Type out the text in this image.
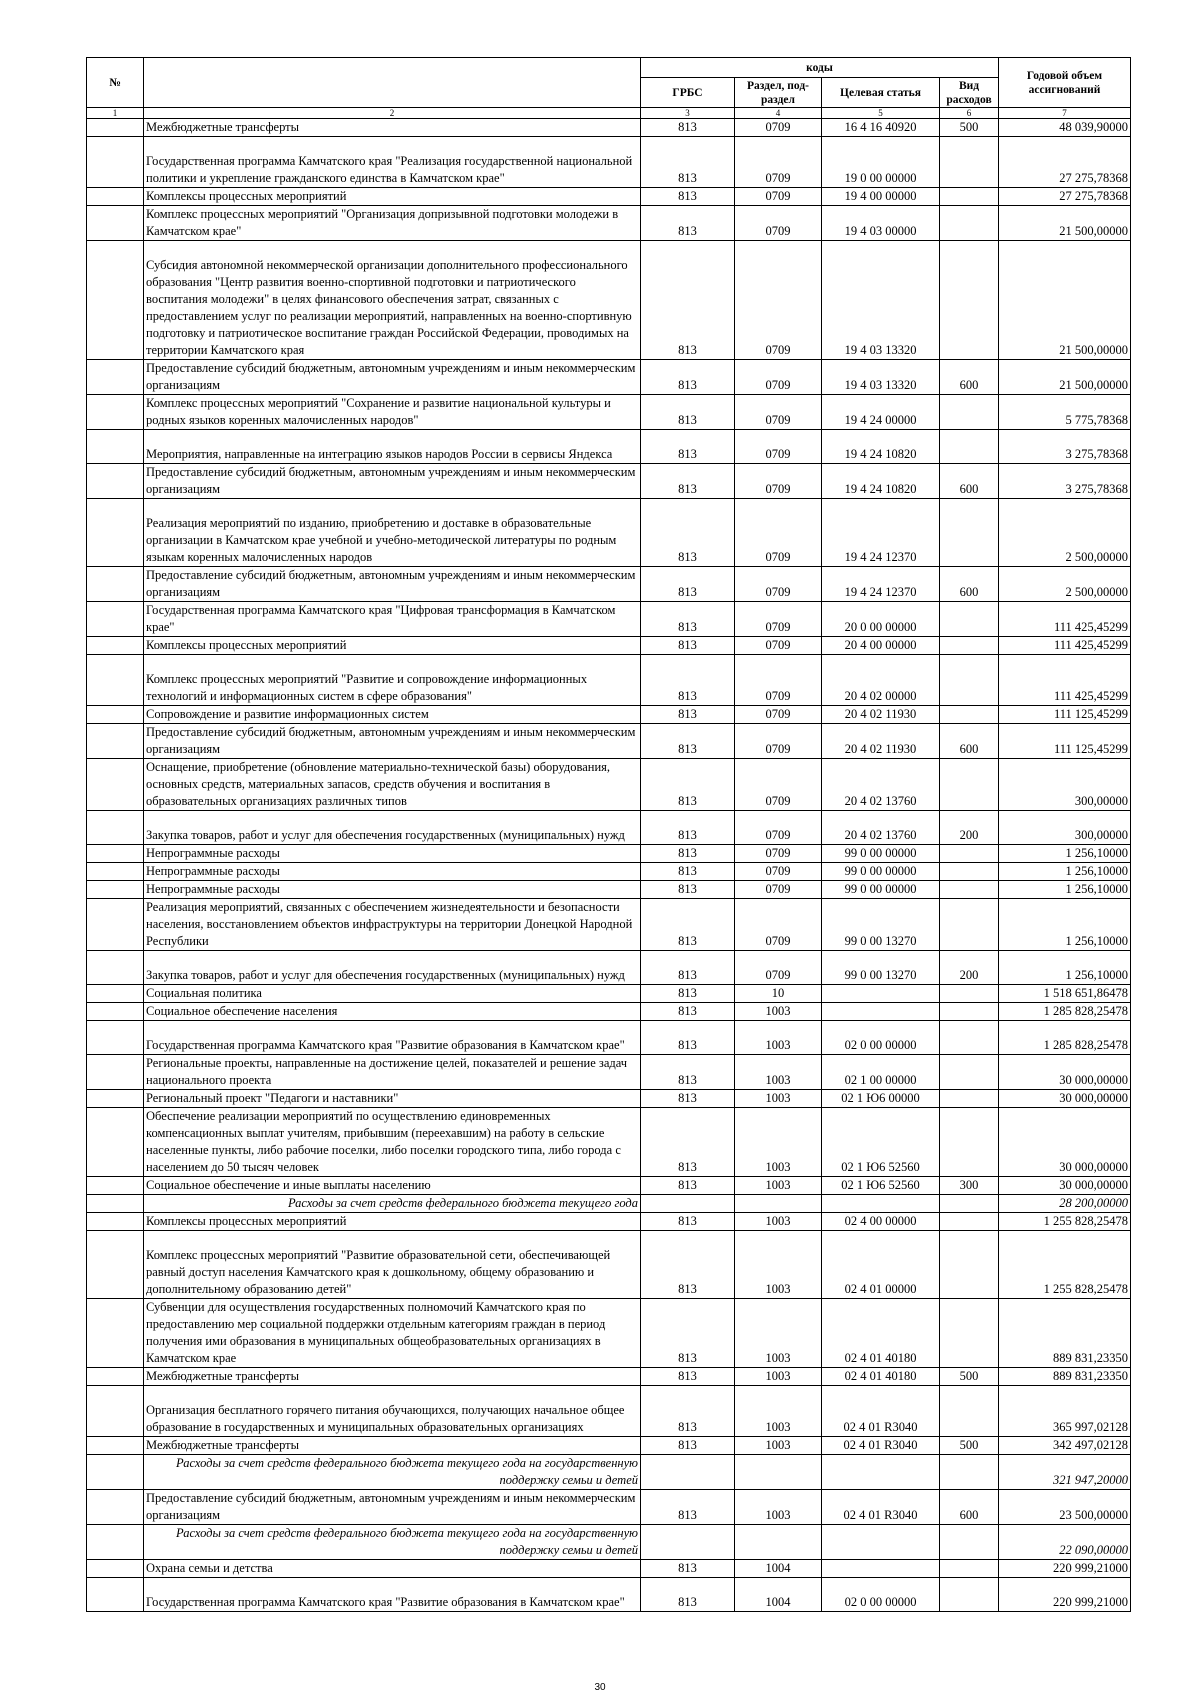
№		коды				Годовой объем ассигнований
		ГРБС	Раздел, под-раздел	Целевая статья	Вид расходов	
1	2	3	4	5	6	7
	Межбюджетные трансферты	813	0709	16 4 16 40920	500	48 039,90000
	Государственная программа Камчатского края "Реализация государственной национальной политики и укрепление гражданского единства в Камчатском крае"	813	0709	19 0 00 00000		27 275,78368
	Комплексы процессных мероприятий	813	0709	19 4 00 00000		27 275,78368
	Комплекс процессных мероприятий "Организация допризывной подготовки молодежи в Камчатском крае"	813	0709	19 4 03 00000		21 500,00000
	Субсидия автономной некоммерческой организации дополнительного профессионального образования "Центр развития военно-спортивной подготовки и патриотического воспитания молодежи" в целях финансового обеспечения затрат, связанных с предоставлением услуг по реализации мероприятий, направленных на военно-спортивную подготовку и патриотическое воспитание граждан Российской Федерации, проводимых на территории Камчатского края	813	0709	19 4 03 13320		21 500,00000
	Предоставление субсидий бюджетным, автономным учреждениям и иным некоммерческим организациям	813	0709	19 4 03 13320	600	21 500,00000
	Комплекс процессных мероприятий "Сохранение и развитие национальной культуры и родных языков коренных малочисленных народов"	813	0709	19 4 24 00000		5 775,78368
	Мероприятия, направленные на интеграцию языков народов России в сервисы Яндекса	813	0709	19 4 24 10820		3 275,78368
	Предоставление субсидий бюджетным, автономным учреждениям и иным некоммерческим организациям	813	0709	19 4 24 10820	600	3 275,78368
	Реализация мероприятий по изданию, приобретению и доставке в образовательные организации в Камчатском крае учебной и учебно-методической литературы по родным языкам коренных малочисленных народов	813	0709	19 4 24 12370		2 500,00000
	Предоставление субсидий бюджетным, автономным учреждениям и иным некоммерческим организациям	813	0709	19 4 24 12370	600	2 500,00000
	Государственная программа Камчатского края "Цифровая трансформация в Камчатском крае"	813	0709	20 0 00 00000		111 425,45299
	Комплексы процессных мероприятий	813	0709	20 4 00 00000		111 425,45299
	Комплекс процессных мероприятий "Развитие и сопровождение информационных технологий и информационных систем в сфере образования"	813	0709	20 4 02 00000		111 425,45299
	Сопровождение и развитие информационных систем	813	0709	20 4 02 11930		111 125,45299
	Предоставление субсидий бюджетным, автономным учреждениям и иным некоммерческим организациям	813	0709	20 4 02 11930	600	111 125,45299
	Оснащение, приобретение (обновление материально-технической базы) оборудования, основных средств, материальных запасов, средств обучения и воспитания в образовательных организациях различных типов	813	0709	20 4 02 13760		300,00000
	Закупка товаров, работ и услуг для обеспечения государственных (муниципальных) нужд	813	0709	20 4 02 13760	200	300,00000
	Непрограммные расходы	813	0709	99 0 00 00000		1 256,10000
	Непрограммные расходы	813	0709	99 0 00 00000		1 256,10000
	Непрограммные расходы	813	0709	99 0 00 00000		1 256,10000
	Реализация мероприятий, связанных с обеспечением жизнедеятельности и безопасности населения, восстановлением объектов инфраструктуры на территории Донецкой Народной Республики	813	0709	99 0 00 13270		1 256,10000
	Закупка товаров, работ и услуг для обеспечения государственных (муниципальных) нужд	813	0709	99 0 00 13270	200	1 256,10000
	Социальная политика	813	10			1 518 651,86478
	Социальное обеспечение населения	813	1003			1 285 828,25478
	Государственная программа Камчатского края "Развитие образования в Камчатском крае"	813	1003	02 0 00 00000		1 285 828,25478
	Региональные проекты, направленные на достижение целей, показателей и решение задач национального проекта	813	1003	02 1 00 00000		30 000,00000
	Региональный проект "Педагоги и наставники"	813	1003	02 1 Ю6 00000		30 000,00000
	Обеспечение реализации мероприятий по осуществлению единовременных компенсационных выплат учителям, прибывшим (переехавшим) на работу в сельские населенные пункты, либо рабочие поселки, либо поселки городского типа, либо города с населением до 50 тысяч человек	813	1003	02 1 Ю6 52560		30 000,00000
	Социальное обеспечение и иные выплаты населению	813	1003	02 1 Ю6 52560	300	30 000,00000
	Расходы за счет средств федерального бюджета текущего года					28 200,00000
	Комплексы процессных мероприятий	813	1003	02 4 00 00000		1 255 828,25478
	Комплекс процессных мероприятий "Развитие образовательной сети, обеспечивающей равный доступ населения Камчатского края к дошкольному, общему образованию и дополнительному образованию детей"	813	1003	02 4 01 00000		1 255 828,25478
	Субвенции для осуществления государственных полномочий Камчатского края по предоставлению мер социальной поддержки отдельным категориям граждан в период получения ими образования в муниципальных общеобразовательных организациях в Камчатском крае	813	1003	02 4 01 40180		889 831,23350
	Межбюджетные трансферты	813	1003	02 4 01 40180	500	889 831,23350
	Организация бесплатного горячего питания обучающихся, получающих начальное общее образование в государственных и муниципальных образовательных организациях	813	1003	02 4 01 R3040		365 997,02128
	Межбюджетные трансферты	813	1003	02 4 01 R3040	500	342 497,02128
	Расходы за счет средств федерального бюджета текущего года на государственную поддержку семьи и детей					321 947,20000
	Предоставление субсидий бюджетным, автономным учреждениям и иным некоммерческим организациям	813	1003	02 4 01 R3040	600	23 500,00000
	Расходы за счет средств федерального бюджета текущего года на государственную поддержку семьи и детей					22 090,00000
	Охрана семьи и детства	813	1004			220 999,21000
	Государственная программа Камчатского края "Развитие образования в Камчатском крае"	813	1004	02 0 00 00000		220 999,21000
30
